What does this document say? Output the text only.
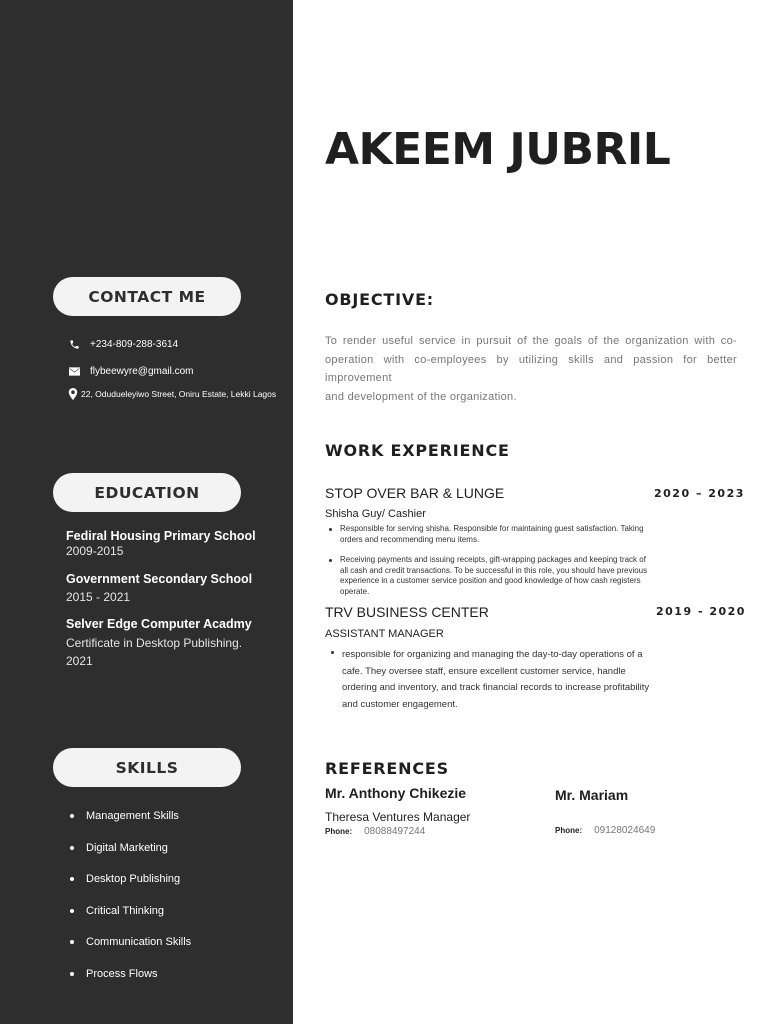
CONTACT ME
+234-809-288-3614
flybeewyre@gmail.com
22, Odudueleyiwo Street, Oniru Estate, Lekki Lagos
EDUCATION
Fediral Housing Primary School
2009-2015
Government Secondary School
2015 - 2021
Selver Edge Computer Acadmy
Certificate in Desktop Publishing.
2021
SKILLS
Management Skills
Digital Marketing
Desktop Publishing
Critical Thinking
Communication Skills
Process Flows
AKEEM JUBRIL
OBJECTIVE:

To render useful service in pursuit of the goals of the organization with co-operation with co-employees by utilizing skills and passion for better improvement

and development of the organization.

WORK EXPERIENCE
STOP OVER BAR & LUNGE	2020 – 2023
Shisha Guy/ Cashier
Responsible for serving shisha. Responsible for maintaining guest satisfaction. Taking orders and recommending menu items.
Receiving payments and issuing receipts, gift-wrapping packages and keeping track of all cash and credit transactions. To be successful in this role, you should have previous experience in a customer service position and good knowledge of how cash registers operate.
TRV BUSINESS CENTER	2019 - 2020
ASSISTANT MANAGER
responsible for organizing and managing the day-to-day operations of a cafe. They oversee staff, ensure excellent customer service, handle ordering and inventory, and track financial records to increase profitability and customer engagement.
REFERENCES
Mr. Anthony Chikezie
Theresa Ventures Manager
Phone: 08088497244
Mr. Mariam
Phone: 09128024649
